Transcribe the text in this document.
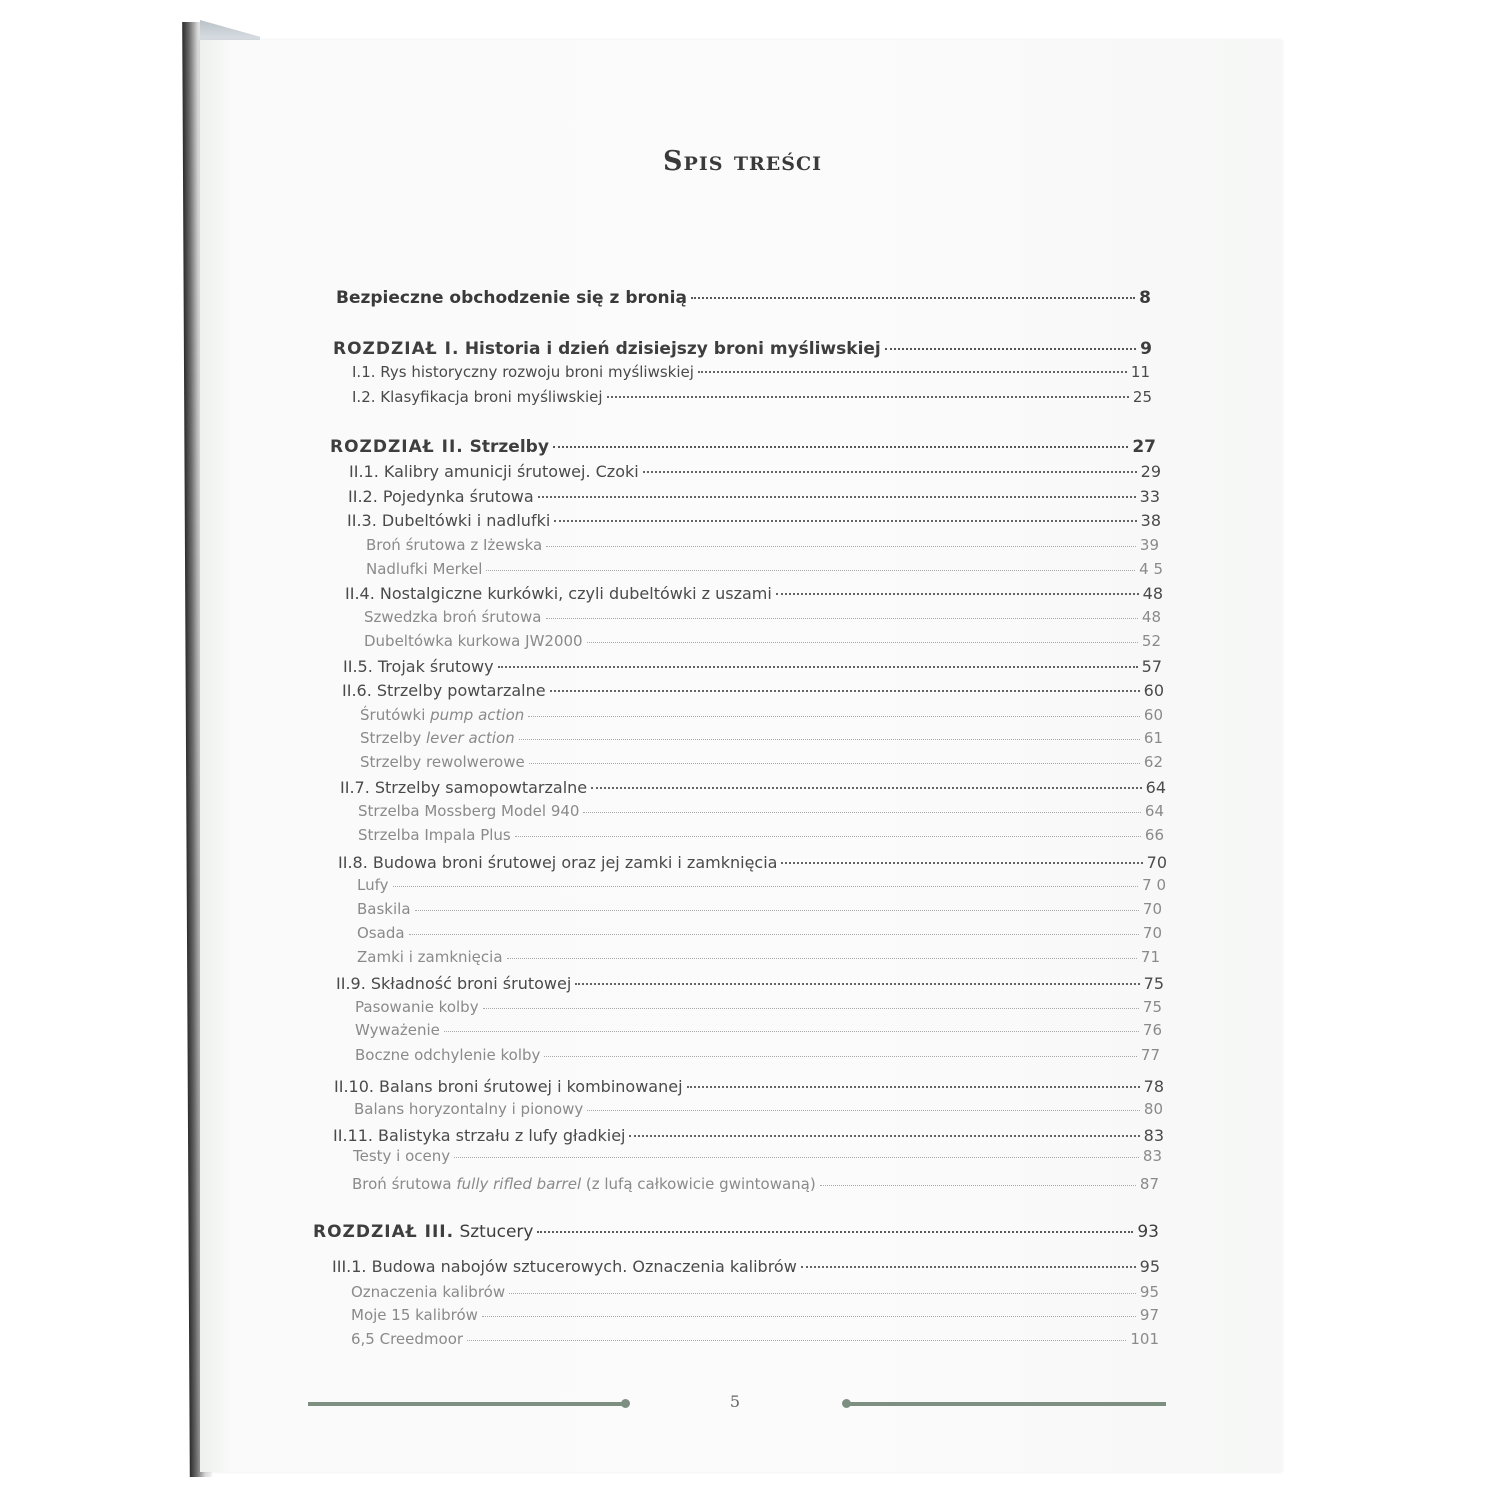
Spis treści
Bezpieczne obchodzenie się z bronią	8
ROZDZIAŁ I. Historia i dzień dzisiejszy broni myśliwskiej	9
I.1. Rys historyczny rozwoju broni myśliwskiej	11
I.2. Klasyfikacja broni myśliwskiej	25
ROZDZIAŁ II. Strzelby	27
II.1. Kalibry amunicji śrutowej. Czoki	29
II.2. Pojedynka śrutowa	33
II.3. Dubeltówki i nadlufki	38
Broń śrutowa z Iżewska	39
Nadlufki Merkel	4 5
II.4. Nostalgiczne kurkówki, czyli dubeltówki z uszami	48
Szwedzka broń śrutowa	48
Dubeltówka kurkowa JW2000	52
II.5. Trojak śrutowy	57
II.6. Strzelby powtarzalne	60
Śrutówki pump action	60
Strzelby lever action	61
Strzelby rewolwerowe	62
II.7. Strzelby samopowtarzalne	64
Strzelba Mossberg Model 940	64
Strzelba Impala Plus	66
II.8. Budowa broni śrutowej oraz jej zamki i zamknięcia	70
Lufy	7 0
Baskila	70
Osada	70
Zamki i zamknięcia	71
II.9. Składność broni śrutowej	75
Pasowanie kolby	75
Wyważenie	76
Boczne odchylenie kolby	77
II.10. Balans broni śrutowej i kombinowanej	78
Balans horyzontalny i pionowy	80
II.11. Balistyka strzału z lufy gładkiej	83
Testy i oceny	83
Broń śrutowa fully rifled barrel (z lufą całkowicie gwintowaną)	87
ROZDZIAŁ III. Sztucery	93
III.1. Budowa nabojów sztucerowych. Oznaczenia kalibrów	95
Oznaczenia kalibrów	95
Moje 15 kalibrów	97
6,5 Creedmoor	101
5
